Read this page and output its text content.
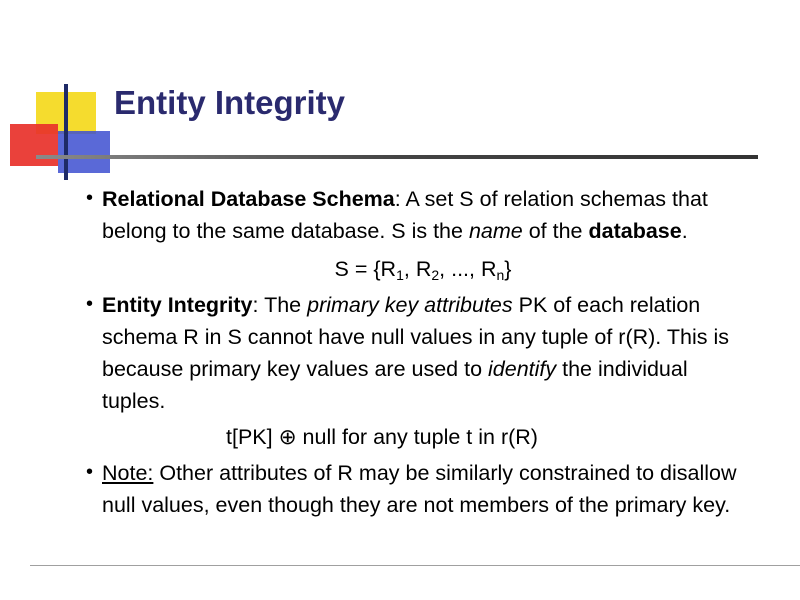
Entity Integrity
• Relational Database Schema: A set S of relation schemas that belong to the same database. S is the name of the database.
$S = \{R_1$, $R_2$, ..., $R_n$}
• Entity Integrity: The primary key attributes PK of each relation schema R in S cannot have null values in any tuple of r(R). This is because primary key values are used to identify the individual tuples.
t[PK] ⊕ null for any tuple t in r(R)
• Note: Other attributes of R may be similarly constrained to disallow null values, even though they are not members of the primary key.
